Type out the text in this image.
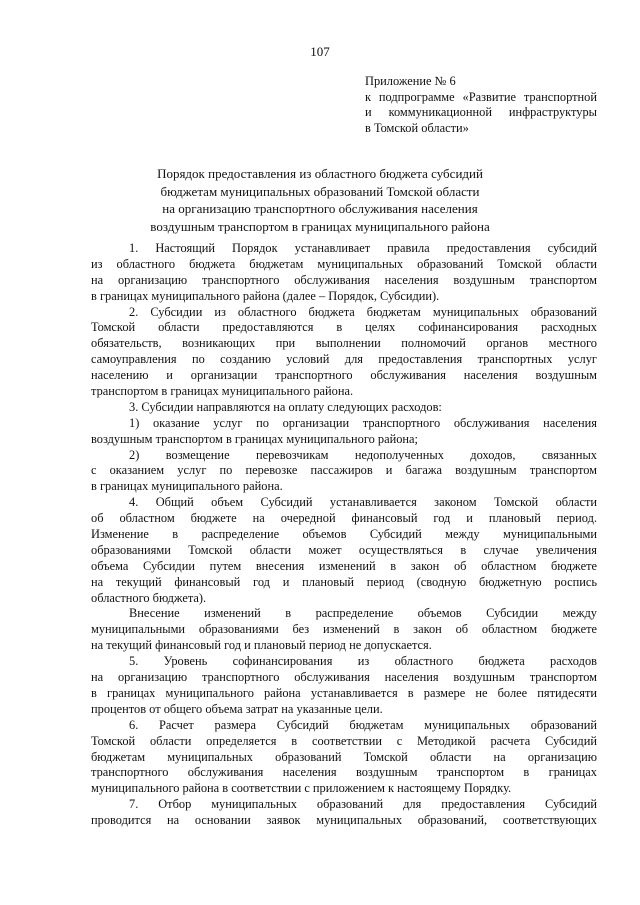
107
Приложение № 6
к подпрограмме «Развитие транспортной
и коммуникационной инфраструктуры
в Томской области»
Порядок предоставления из областного бюджета субсидий
бюджетам муниципальных образований Томской области
на организацию транспортного обслуживания населения
воздушным транспортом в границах муниципального района
1. Настоящий Порядок устанавливает правила предоставления субсидий
из областного бюджета бюджетам муниципальных образований Томской области
на организацию транспортного обслуживания населения воздушным транспортом
в границах муниципального района (далее – Порядок, Субсидии).
2. Субсидии из областного бюджета бюджетам муниципальных образований
Томской области предоставляются в целях софинансирования расходных
обязательств, возникающих при выполнении полномочий органов местного
самоуправления по созданию условий для предоставления транспортных услуг
населению и организации транспортного обслуживания населения воздушным
транспортом в границах муниципального района.
3. Субсидии направляются на оплату следующих расходов:
1) оказание услуг по организации транспортного обслуживания населения
воздушным транспортом в границах муниципального района;
2) возмещение перевозчикам недополученных доходов, связанных
с оказанием услуг по перевозке пассажиров и багажа воздушным транспортом
в границах муниципального района.
4. Общий объем Субсидий устанавливается законом Томской области
об областном бюджете на очередной финансовый год и плановый период.
Изменение в распределение объемов Субсидий между муниципальными
образованиями Томской области может осуществляться в случае увеличения
объема Субсидии путем внесения изменений в закон об областном бюджете
на текущий финансовый год и плановый период (сводную бюджетную роспись
областного бюджета).
Внесение изменений в распределение объемов Субсидии между
муниципальными образованиями без изменений в закон об областном бюджете
на текущий финансовый год и плановый период не допускается.
5. Уровень софинансирования из областного бюджета расходов
на организацию транспортного обслуживания населения воздушным транспортом
в границах муниципального района устанавливается в размере не более пятидесяти
процентов от общего объема затрат на указанные цели.
6. Расчет размера Субсидий бюджетам муниципальных образований
Томской области определяется в соответствии с Методикой расчета Субсидий
бюджетам муниципальных образований Томской области на организацию
транспортного обслуживания населения воздушным транспортом в границах
муниципального района в соответствии с приложением к настоящему Порядку.
7. Отбор муниципальных образований для предоставления Субсидий
проводится на основании заявок муниципальных образований, соответствующих
